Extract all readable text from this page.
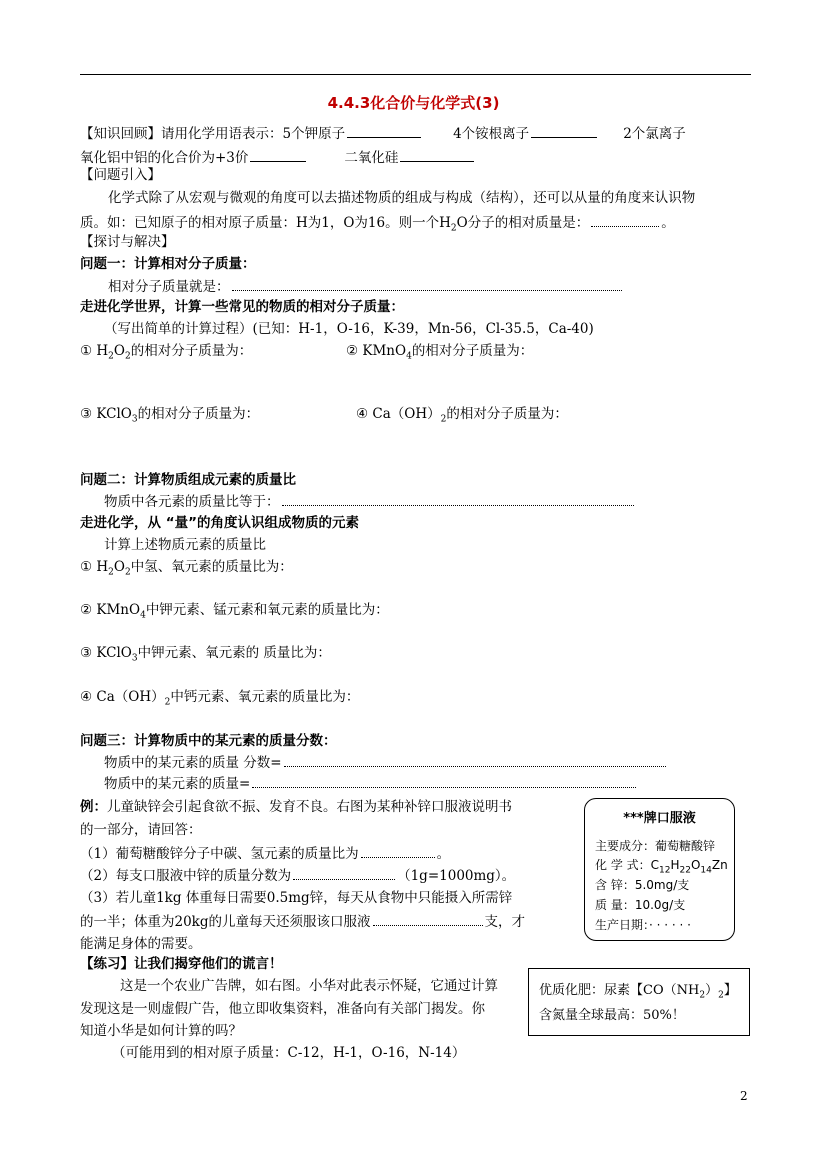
4.4.3化合价与化学式(3)
【知识回顾】请用化学用语表示：5个钾原子	4个铵根离子	2个氯离子
氧化铝中铝的化合价为+3价	二氧化硅
【问题引入】
化学式除了从宏观与微观的角度可以去描述物质的组成与构成（结构），还可以从量的角度来认识物
质。如：已知原子的相对原子质量：H为1，O为16。则一个$H_2O$分子的相对质量是：	。
【探讨与解决】
问题一：计算相对分子质量：
相对分子质量就是：
走进化学世界，计算一些常见的物质的相对分子质量：
（写出简单的计算过程）(已知：H-1，O-16，K-39，Mn-56，Cl-35.5，Ca-40)
① $H_2O_2$的相对分子质量为：	② KMnO$_4$的相对分子质量为：
③ KClO$_3$的相对分子质量为：	④ $Ca(OH)_2$的相对分子质量为：
问题二：计算物质组成元素的质量比
物质中各元素的质量比等于：
走进化学，从 “量”的角度认识组成物质的元素
计算上述物质元素的质量比
① $H_2O_2$中氢、氧元素的质量比为：
② KMnO$_4$中钾元素、锰元素和氧元素的质量比为：
③ KClO$_3$中钾元素、氧元素的 质量比为：
④ $Ca(OH)_2$中钙元素、氧元素的质量比为：
问题三：计算物质中的某元素的质量分数：
物质中的某元素的质量 分数=
物质中的某元素的质量=
例：儿童缺锌会引起食欲不振、发育不良。右图为某种补锌口服液说明书
的一部分，请回答：
（1）葡萄糖酸锌分子中碳、氢元素的质量比为	。
（2）每支口服液中锌的质量分数为	（1g=1000mg）。
（3）若儿童1kg 体重每日需要0.5mg锌，每天从食物中只能摄入所需锌
的一半；体重为20kg的儿童每天还须服该口服液	支，才
能满足身体的需要。
***牌口服液
主要成分：葡萄糖酸锌
化 学 式：$C_{12}H_{22}O_{14}Zn$
含 锌：5.0mg/支
质 量：10.0g/支
生产日期：· · · · · ·
【练习】让我们揭穿他们的谎言！
这是一个农业广告牌，如右图。小华对此表示怀疑，它通过计算
发现这是一则虚假广告，他立即收集资料，准备向有关部门揭发。你
知道小华是如何计算的吗？
（可能用到的相对原子质量：C-12，H-1，O-16，N-14）
优质化肥：尿素【$CO(NH_2)_2$】
含氮量全球最高：50%！
2
